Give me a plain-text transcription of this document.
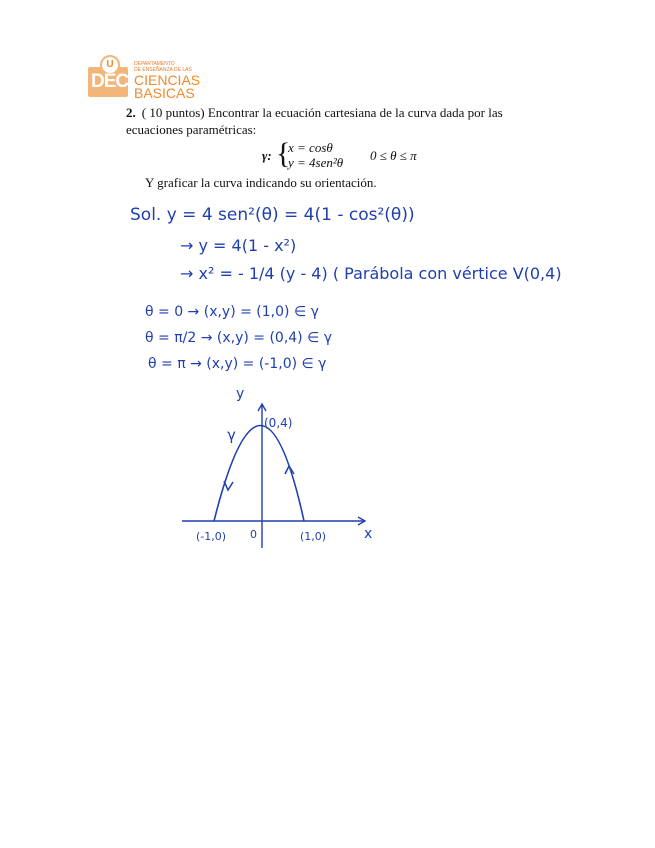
U
DEC3
DEPARTAMENTO
DE ENSEÑANZA DE LAS
CIENCIAS
BASICAS
2. ( 10 puntos) Encontrar la ecuación cartesiana de la curva dada por las ecuaciones paramétricas:
γ: {
x = cosθ
y = 4sen²θ 0 ≤ θ ≤ π
Y graficar la curva indicando su orientación.
Sol. y = 4 sen²(θ) = 4(1 - cos²(θ))
→ y = 4(1 - x²)
→ x² = - 1/4 (y - 4) ( Parábola con vértice V(0,4)
θ = 0 → (x,y) = (1,0) ∈ γ
θ = π/2 → (x,y) = (0,4) ∈ γ
θ = π → (x,y) = (-1,0) ∈ γ
y
(0,4)
γ
(-1,0) 0	(1,0)	x
